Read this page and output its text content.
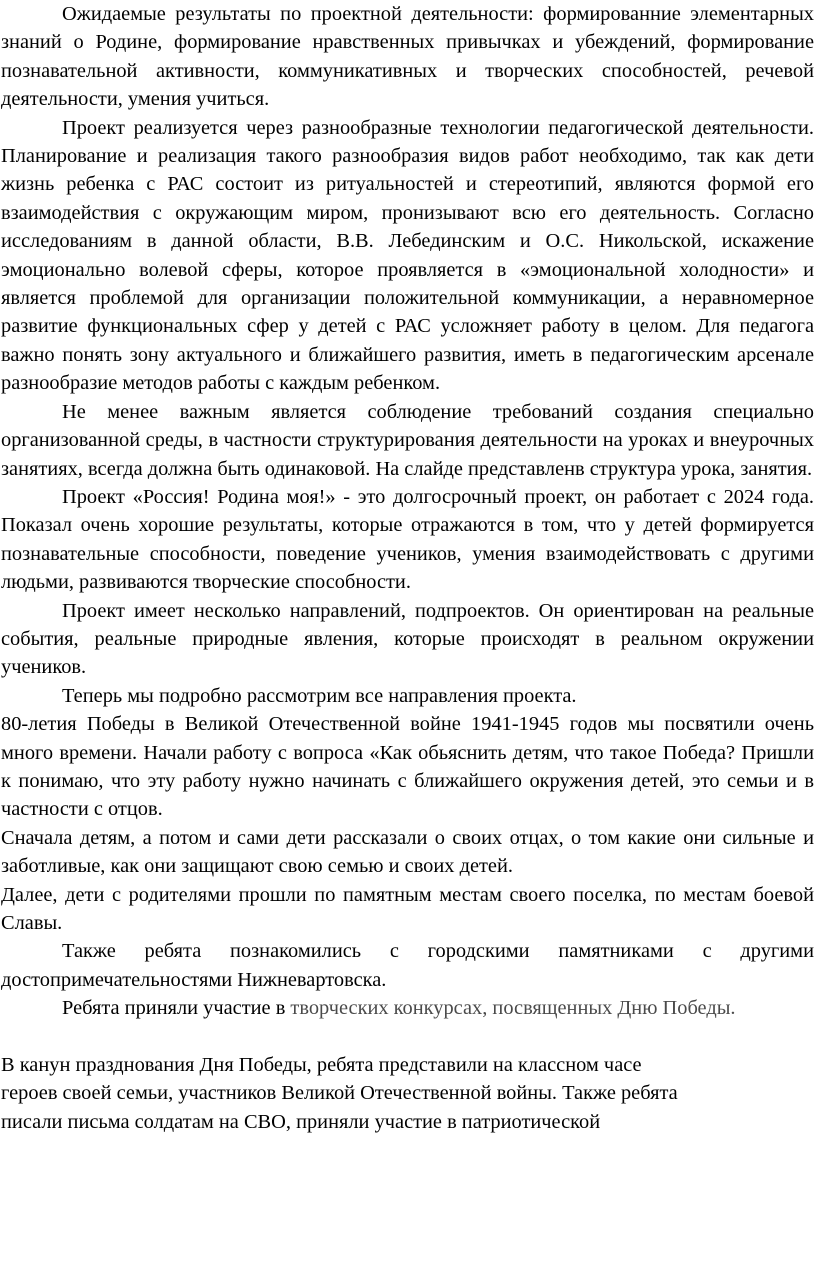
Ожидаемые результаты по проектной деятельности: формированние элементарных знаний о Родине, формирование нравственных привычках и убеждений, формирование познавательной активности, коммуникативных и творческих способностей, речевой деятельности, умения учиться.

Проект реализуется через разнообразные технологии педагогической деятельности. Планирование и реализация такого разнообразия видов работ необходимо, так как дети жизнь ребенка с РАС состоит из ритуальностей и стереотипий, являются формой его взаимодействия с окружающим миром, пронизывают всю его деятельность. Согласно исследованиям в данной области, В.В. Лебединским и О.С. Никольской, искажение эмоционально волевой сферы, которое проявляется в «эмоциональной холодности» и является проблемой для организации положительной коммуникации, а неравномерное развитие функциональных сфер у детей с РАС усложняет работу в целом. Для педагога важно понять зону актуального и ближайшего развития, иметь в педагогическим арсенале разнообразие методов работы с каждым ребенком.

Не менее важным является соблюдение требований создания специально организованной среды, в частности структурирования деятельности на уроках и внеурочных занятиях, всегда должна быть одинаковой. На слайде представленв структура урока, занятия.

Проект «Россия! Родина моя!» - это долгосрочный проект, он работает с 2024 года. Показал очень хорошие результаты, которые отражаются в том, что у детей формируется познавательные способности, поведение учеников, умения взаимодействовать с другими людьми, развиваются творческие способности.

Проект имеет несколько направлений, подпроектов. Он ориентирован на реальные события, реальные природные явления, которые происходят в реальном окружении учеников.

Теперь мы подробно рассмотрим все направления проекта.

80-летия Победы в Великой Отечественной войне 1941-1945 годов мы посвятили очень много времени. Начали работу с вопроса «Как обьяснить детям, что такое Победа? Пришли к понимаю, что эту работу нужно начинать с ближайшего окружения детей, это семьи и в частности с отцов.

Сначала детям, а потом и сами дети рассказали о своих отцах, о том какие они сильные и заботливые, как они защищают свою семью и своих детей.

Далее, дети с родителями прошли по памятным местам своего поселка, по местам боевой Славы.

Также ребята познакомились с городскими памятниками с другими достопримечательностями Нижневартовска.

Ребята приняли участие в творческих конкурсах, посвященных Дню Победы.

В канун празднования Дня Победы, ребята представили на классном часе
героев своей семьи, участников Великой Отечественной войны. Также ребята
писали письма солдатам на СВО, приняли участие в патриотической
